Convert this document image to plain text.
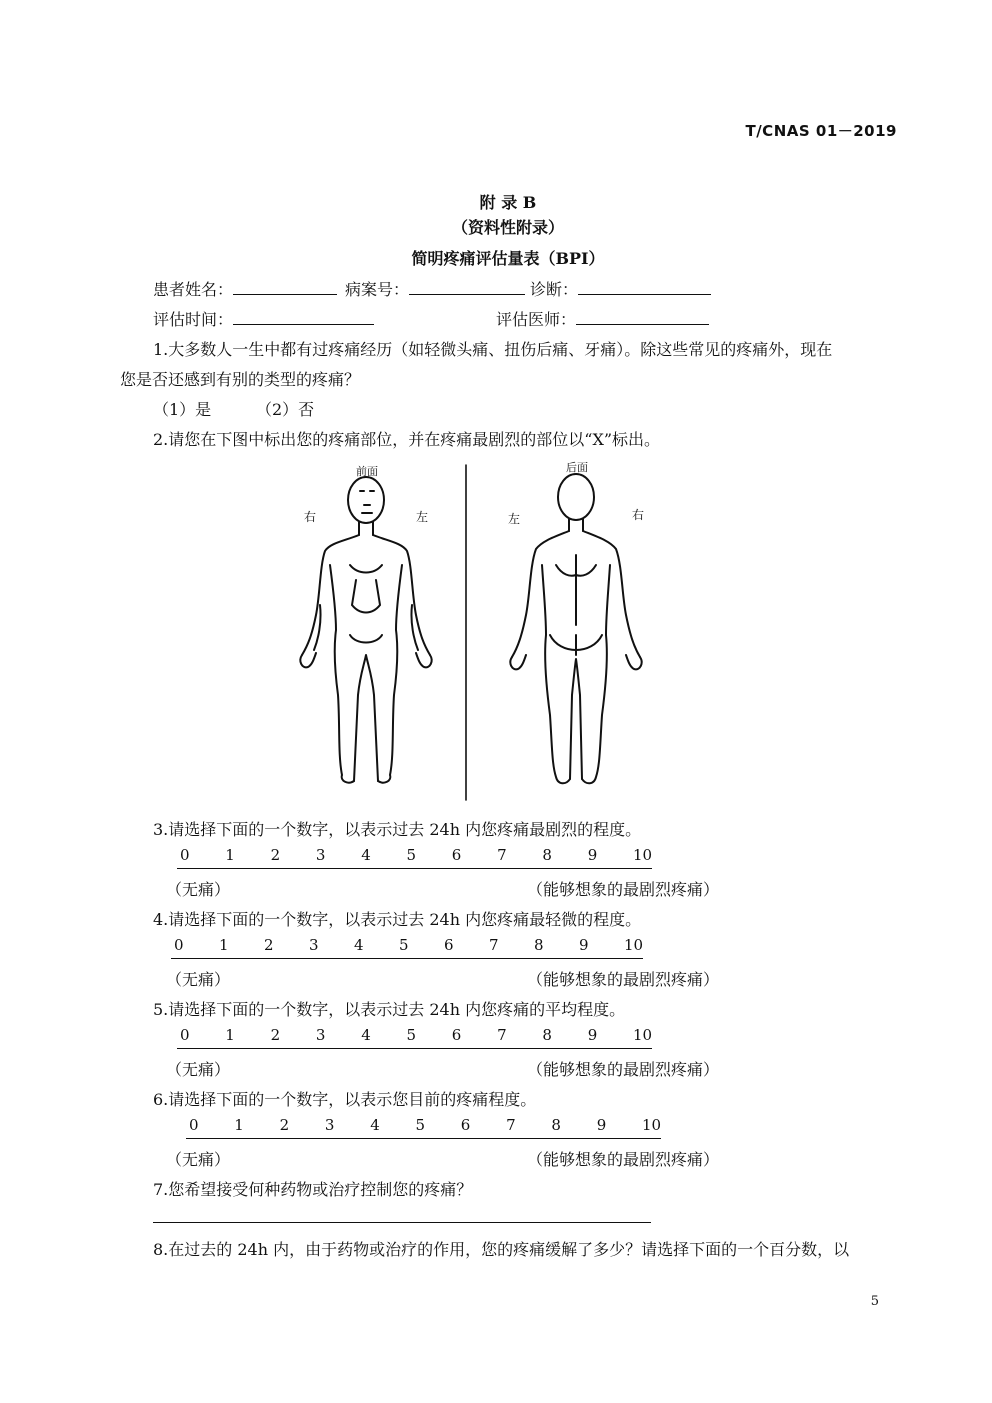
T/CNAS 01－2019
附 录 B
（资料性附录）
简明疼痛评估量表（BPI）
患者姓名：	病案号：	诊断：
评估时间：	评估医师：
1.大多数人一生中都有过疼痛经历（如轻微头痛、扭伤后痛、牙痛）。除这些常见的疼痛外，现在
您是否还感到有别的类型的疼痛？
（1）是	（2）否
2.请您在下图中标出您的疼痛部位，并在疼痛最剧烈的部位以“X”标出。
前面	后面
右	左	左	右
3.请选择下面的一个数字，以表示过去 24h 内您疼痛最剧烈的程度。
0 1 2 3 4 5 6 7 8 9 10
（无痛）	（能够想象的最剧烈疼痛）
4.请选择下面的一个数字，以表示过去 24h 内您疼痛最轻微的程度。
0 1 2 3 4 5 6 7 8 9 10
（无痛）	（能够想象的最剧烈疼痛）
5.请选择下面的一个数字，以表示过去 24h 内您疼痛的平均程度。
0 1 2 3 4 5 6 7 8 9 10
（无痛）	（能够想象的最剧烈疼痛）
6.请选择下面的一个数字，以表示您目前的疼痛程度。
0 1 2 3 4 5 6 7 8 9 10
（无痛）	（能够想象的最剧烈疼痛）
7.您希望接受何种药物或治疗控制您的疼痛？
8.在过去的 24h 内，由于药物或治疗的作用，您的疼痛缓解了多少？请选择下面的一个百分数，以
5
